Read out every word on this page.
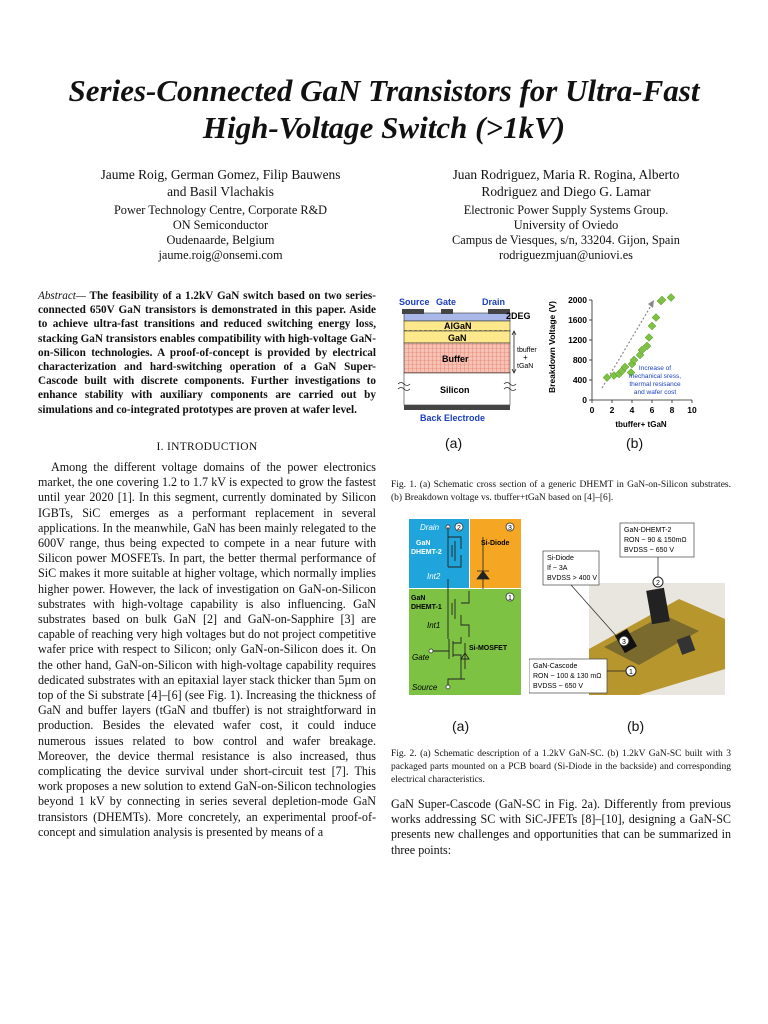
Series-Connected GaN Transistors for Ultra-Fast
High-Voltage Switch (>1kV)
Jaume Roig, German Gomez, Filip Bauwens
and Basil Vlachakis
Power Technology Centre, Corporate R&D
ON Semiconductor
Oudenaarde, Belgium
jaume.roig@onsemi.com
Juan Rodriguez, Maria R. Rogina, Alberto
Rodriguez and Diego G. Lamar
Electronic Power Supply Systems Group.
University of Oviedo
Campus de Viesques, s/n, 33204. Gijon, Spain
rodriguezmjuan@uniovi.es
Abstract— The feasibility of a 1.2kV GaN switch based on two series-connected 650V GaN transistors is demonstrated in this paper. Aside to achieve ultra-fast transitions and reduced switching energy loss, stacking GaN transistors enables compatibility with high-voltage GaN-on-Silicon technologies. A proof-of-concept is provided by electrical characterization and hard-switching operation of a GaN Super-Cascode built with discrete components. Further investigations to enhance stability with auxiliary components are carried out by simulations and co-integrated prototypes are proven at wafer level.
I. INTRODUCTION
Among the different voltage domains of the power electronics market, the one covering 1.2 to 1.7 kV is expected to grow the fastest until year 2020 [1]. In this segment, currently dominated by Silicon IGBTs, SiC emerges as a performant replacement in several applications. In the meanwhile, GaN has been mainly relegated to the 600V range, thus being expected to compete in a near future with Silicon power MOSFETs. In part, the better thermal performance of SiC makes it more suitable at higher voltage, which normally implies higher power. However, the lack of investigation on GaN-on-Silicon substrates with high-voltage capability is also influencing. GaN substrates based on bulk GaN [2] and GaN-on-Sapphire [3] are capable of reaching very high voltages but do not project competitive wafer price with respect to Silicon; only GaN-on-Silicon does it. On the other hand, GaN-on-Silicon with high-voltage capability requires dedicated substrates with an epitaxial layer stack thicker than 5µm on top of the Si substrate [4]–[6] (see Fig. 1). Increasing the thickness of GaN and buffer layers (tGaN and tbuffer) is not straightforward in production. Besides the elevated wafer cost, it could induce numerous issues related to bow control and wafer breakage. Moreover, the device thermal resistance is also increased, thus complicating the device survival under short-circuit test [7]. This work proposes a new solution to extend GaN-on-Silicon technologies beyond 1 kV by connecting in series several depletion-mode GaN transistors (DHEMTs). More concretely, an experimental proof-of-concept and simulation analysis is presented by means of a
Source Gate	Drain
2DEG
AlGaN
GaN
Buffer
Silicon
Back Electrode
tbuffer
+
tGaN
(a)
Breakdown Voltage (V)
0
400
800
1200
1600
2000
0 2 4 6 8 10
Increase of
mechanical sress,
thermal resisance
and wafer cost
tbuffer+ tGaN
(b)
Fig. 1. (a) Schematic cross section of a generic DHEMT in GaN-on-Silicon substrates. (b) Breakdown voltage vs. tbuffer+tGaN based on [4]–[6].
Drain	2
GaN
DHEMT-2
Int2
3
Si-Diode
GaN
DHEMT-1
1
Int1
Si-MOSFET
Gate
Source
(a)
2
3
1
GaN-DHEMT-2
RON ~ 90 & 150mΩ
BVDSS ~ 650 V
Si-Diode
If ~ 3A
BVDSS > 400 V
GaN-Cascode
RON ~ 100 & 130 mΩ
BVDSS ~ 650 V
(b)
Fig. 2. (a) Schematic description of a 1.2kV GaN-SC. (b) 1.2kV GaN-SC built with 3 packaged parts mounted on a PCB board (Si-Diode in the backside) and corresponding electrical characteristics.
GaN Super-Cascode (GaN-SC in Fig. 2a). Differently from previous works addressing SC with SiC-JFETs [8]–[10], designing a GaN-SC presents new challenges and opportunities that can be summarized in three points:
